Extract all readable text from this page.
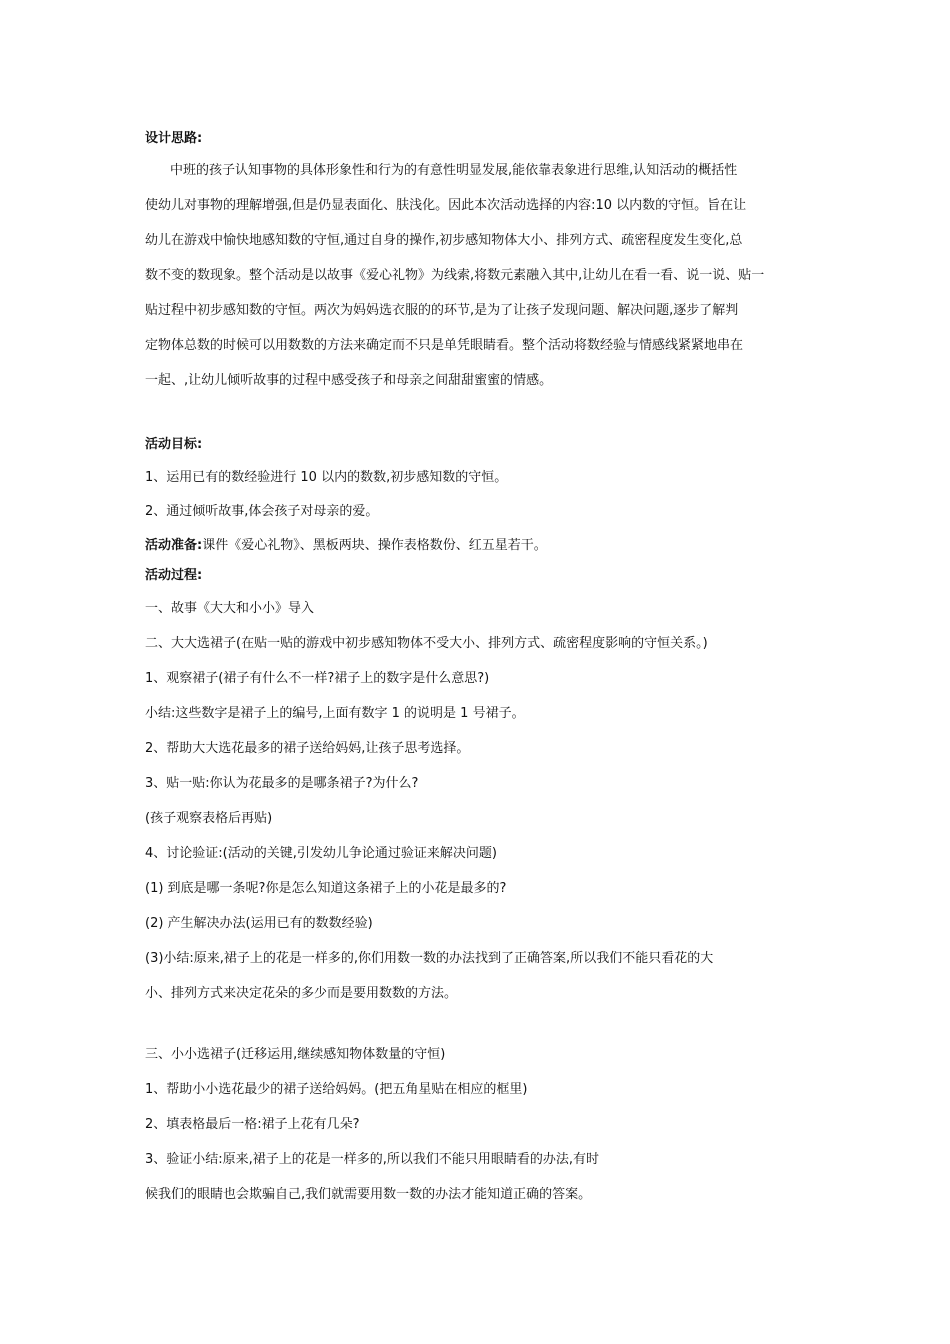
设计思路:
中班的孩子认知事物的具体形象性和行为的有意性明显发展,能依靠表象进行思维,认知活动的概括性
使幼儿对事物的理解增强,但是仍显表面化、肤浅化。因此本次活动选择的内容:10 以内数的守恒。旨在让
幼儿在游戏中愉快地感知数的守恒,通过自身的操作,初步感知物体大小、排列方式、疏密程度发生变化,总
数不变的数现象。整个活动是以故事《爱心礼物》为线索,将数元素融入其中,让幼儿在看一看、说一说、贴一
贴过程中初步感知数的守恒。两次为妈妈选衣服的的环节,是为了让孩子发现问题、解决问题,逐步了解判
定物体总数的时候可以用数数的方法来确定而不只是单凭眼睛看。整个活动将数经验与情感线紧紧地串在
一起、,让幼儿倾听故事的过程中感受孩子和母亲之间甜甜蜜蜜的情感。
活动目标:
1、运用已有的数经验进行 10 以内的数数,初步感知数的守恒。
2、通过倾听故事,体会孩子对母亲的爱。
活动准备:课件《爱心礼物》、黑板两块、操作表格数份、红五星若干。
活动过程:
一、故事《大大和小小》导入
二、大大选裙子(在贴一贴的游戏中初步感知物体不受大小、排列方式、疏密程度影响的守恒关系。)
1、观察裙子(裙子有什么不一样?裙子上的数字是什么意思?)
小结:这些数字是裙子上的编号,上面有数字 1 的说明是 1 号裙子。
2、帮助大大选花最多的裙子送给妈妈,让孩子思考选择。
3、贴一贴:你认为花最多的是哪条裙子?为什么?
(孩子观察表格后再贴)
4、讨论验证:(活动的关键,引发幼儿争论通过验证来解决问题)
(1) 到底是哪一条呢?你是怎么知道这条裙子上的小花是最多的?
(2) 产生解决办法(运用已有的数数经验)
(3)小结:原来,裙子上的花是一样多的,你们用数一数的办法找到了正确答案,所以我们不能只看花的大
小、排列方式来决定花朵的多少而是要用数数的方法。
三、小小选裙子(迁移运用,继续感知物体数量的守恒)
1、帮助小小选花最少的裙子送给妈妈。(把五角星贴在相应的框里)
2、填表格最后一格:裙子上花有几朵?
3、验证小结:原来,裙子上的花是一样多的,所以我们不能只用眼睛看的办法,有时
候我们的眼睛也会欺骗自己,我们就需要用数一数的办法才能知道正确的答案。
